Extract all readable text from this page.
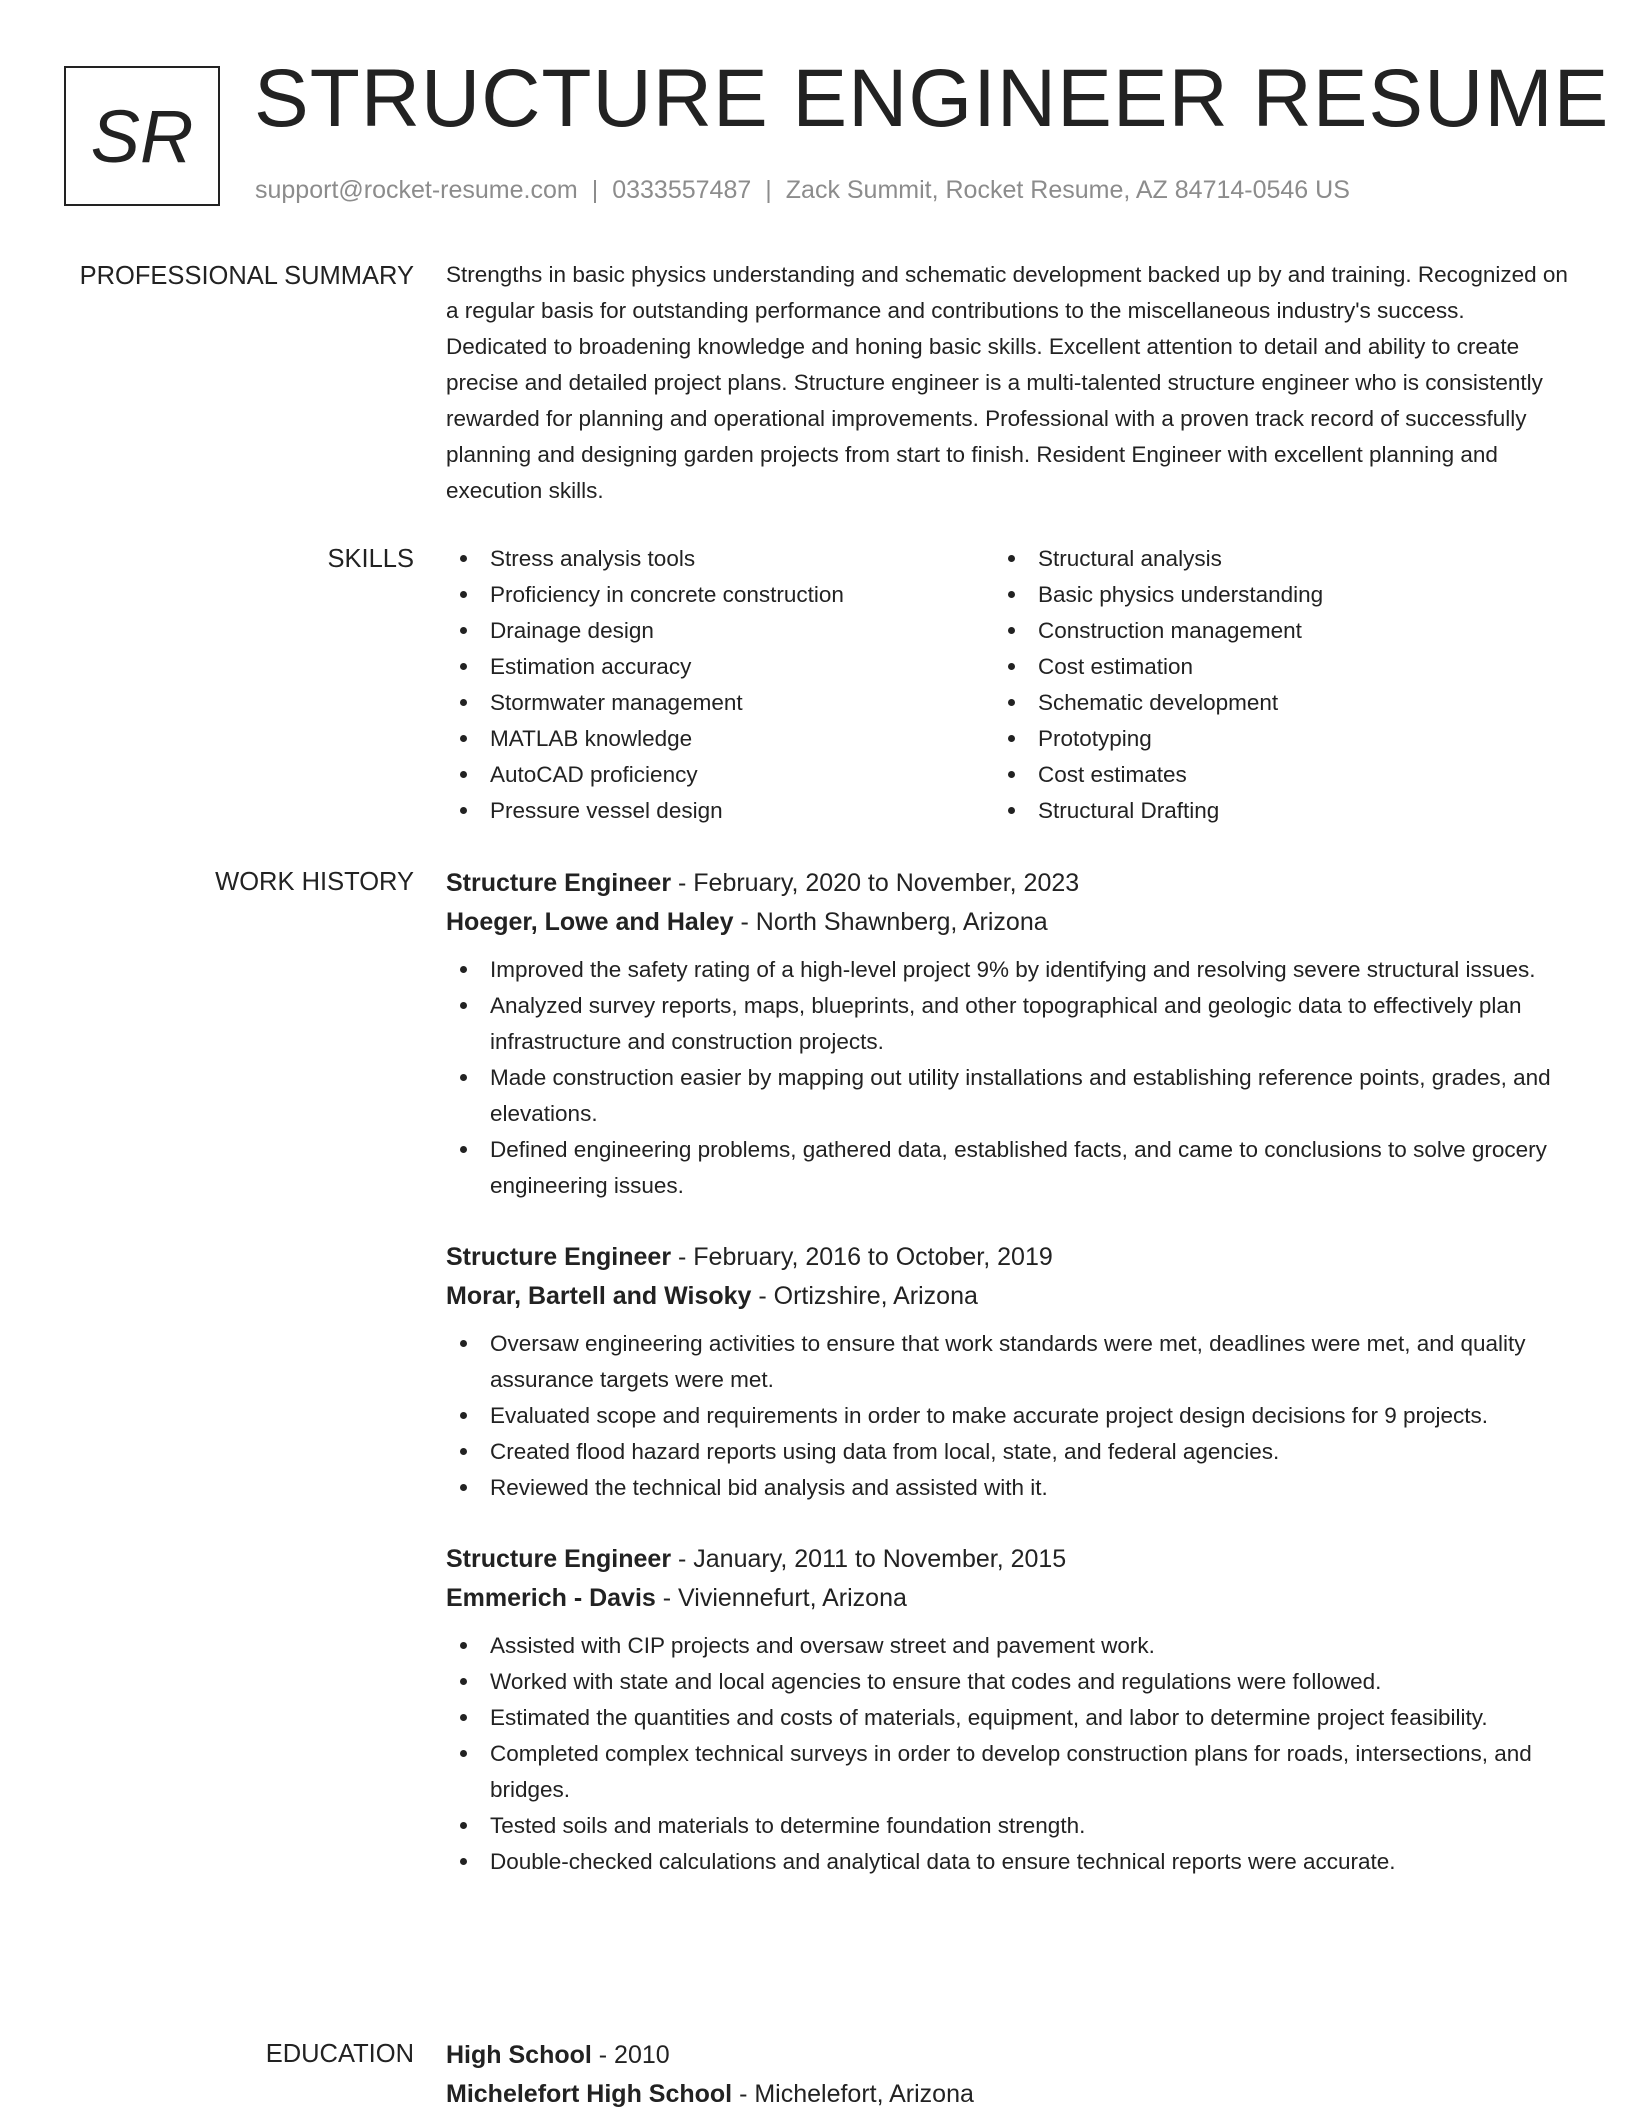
SR STRUCTURE ENGINEER RESUME
support@rocket-resume.com | 0333557487 | Zack Summit, Rocket Resume, AZ 84714-0546 US
PROFESSIONAL SUMMARY Strengths in basic physics understanding and schematic development backed up by and training. Recognized on a regular basis for outstanding performance and contributions to the miscellaneous industry's success. Dedicated to broadening knowledge and honing basic skills. Excellent attention to detail and ability to create precise and detailed project plans. Structure engineer is a multi-talented structure engineer who is consistently rewarded for planning and operational improvements. Professional with a proven track record of successfully planning and designing garden projects from start to finish. Resident Engineer with excellent planning and execution skills.

SKILLS	Stress analysis tools
Proficiency in concrete construction
Drainage design
Estimation accuracy
Stormwater management
MATLAB knowledge
AutoCAD proficiency
Pressure vessel design
Structural analysis
Basic physics understanding
Construction management
Cost estimation
Schematic development
Prototyping
Cost estimates
Structural Drafting
WORK HISTORY Structure Engineer - February, 2020 to November, 2023
Hoeger, Lowe and Haley - North Shawnberg, Arizona
Improved the safety rating of a high-level project 9% by identifying and resolving severe structural issues.
Analyzed survey reports, maps, blueprints, and other topographical and geologic data to effectively plan infrastructure and construction projects.
Made construction easier by mapping out utility installations and establishing reference points, grades, and elevations.
Defined engineering problems, gathered data, established facts, and came to conclusions to solve grocery engineering issues.
Structure Engineer - February, 2016 to October, 2019
Morar, Bartell and Wisoky - Ortizshire, Arizona
Oversaw engineering activities to ensure that work standards were met, deadlines were met, and quality assurance targets were met.
Evaluated scope and requirements in order to make accurate project design decisions for 9 projects.
Created flood hazard reports using data from local, state, and federal agencies.
Reviewed the technical bid analysis and assisted with it.
Structure Engineer - January, 2011 to November, 2015
Emmerich - Davis - Viviennefurt, Arizona
Assisted with CIP projects and oversaw street and pavement work.
Worked with state and local agencies to ensure that codes and regulations were followed.
Estimated the quantities and costs of materials, equipment, and labor to determine project feasibility.
Completed complex technical surveys in order to develop construction plans for roads, intersections, and bridges.
Tested soils and materials to determine foundation strength.
Double-checked calculations and analytical data to ensure technical reports were accurate.
EDUCATION High School - 2010
Michelefort High School - Michelefort, Arizona
